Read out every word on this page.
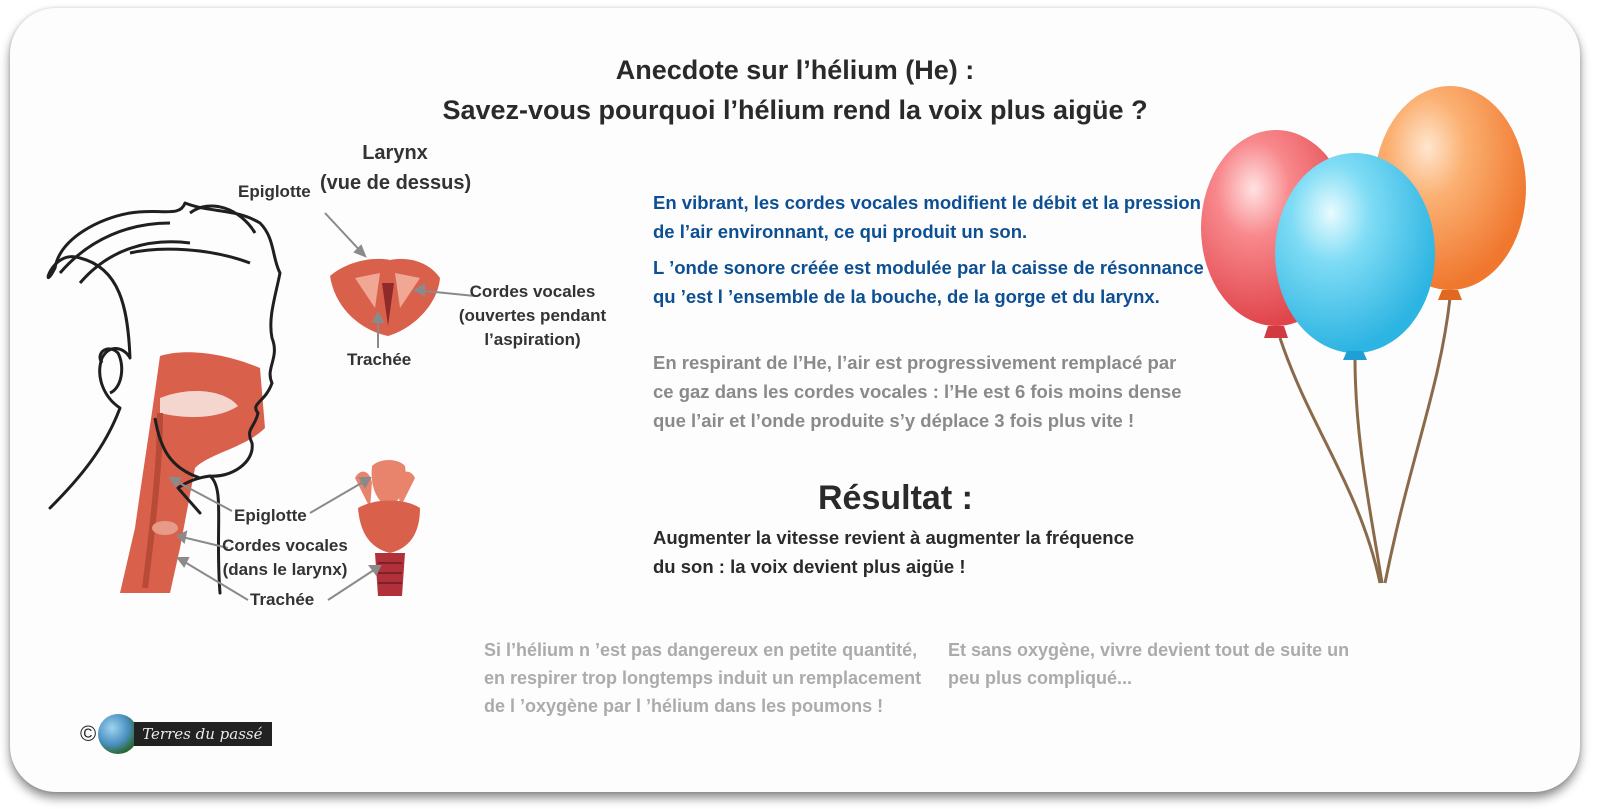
Anecdote sur l’hélium (He) :
Savez-vous pourquoi l’hélium rend la voix plus aigüe ?
Larynx
(vue de dessus)
Epiglotte
Cordes vocales
(ouvertes pendant
l’aspiration)
Trachée
Epiglotte
Cordes vocales
(dans le larynx)
Trachée
En vibrant, les cordes vocales modifient le débit et la pression
de l’air environnant, ce qui produit un son.
L ’onde sonore créée est modulée par la caisse de résonnance
qu ’est l ’ensemble de la bouche, de la gorge et du larynx.
En respirant de l’He, l’air est progressivement remplacé par
ce gaz dans les cordes vocales : l’He est 6 fois moins dense
que l’air et l’onde produite s’y déplace 3 fois plus vite !
Résultat :
Augmenter la vitesse revient à augmenter la fréquence
du son : la voix devient plus aigüe !
Si l’hélium n ’est pas dangereux en petite quantité,
en respirer trop longtemps induit un remplacement
de l ’oxygène par l ’hélium dans les poumons !
Et sans oxygène, vivre devient tout de suite un
peu plus compliqué...
©	Terres du passé
